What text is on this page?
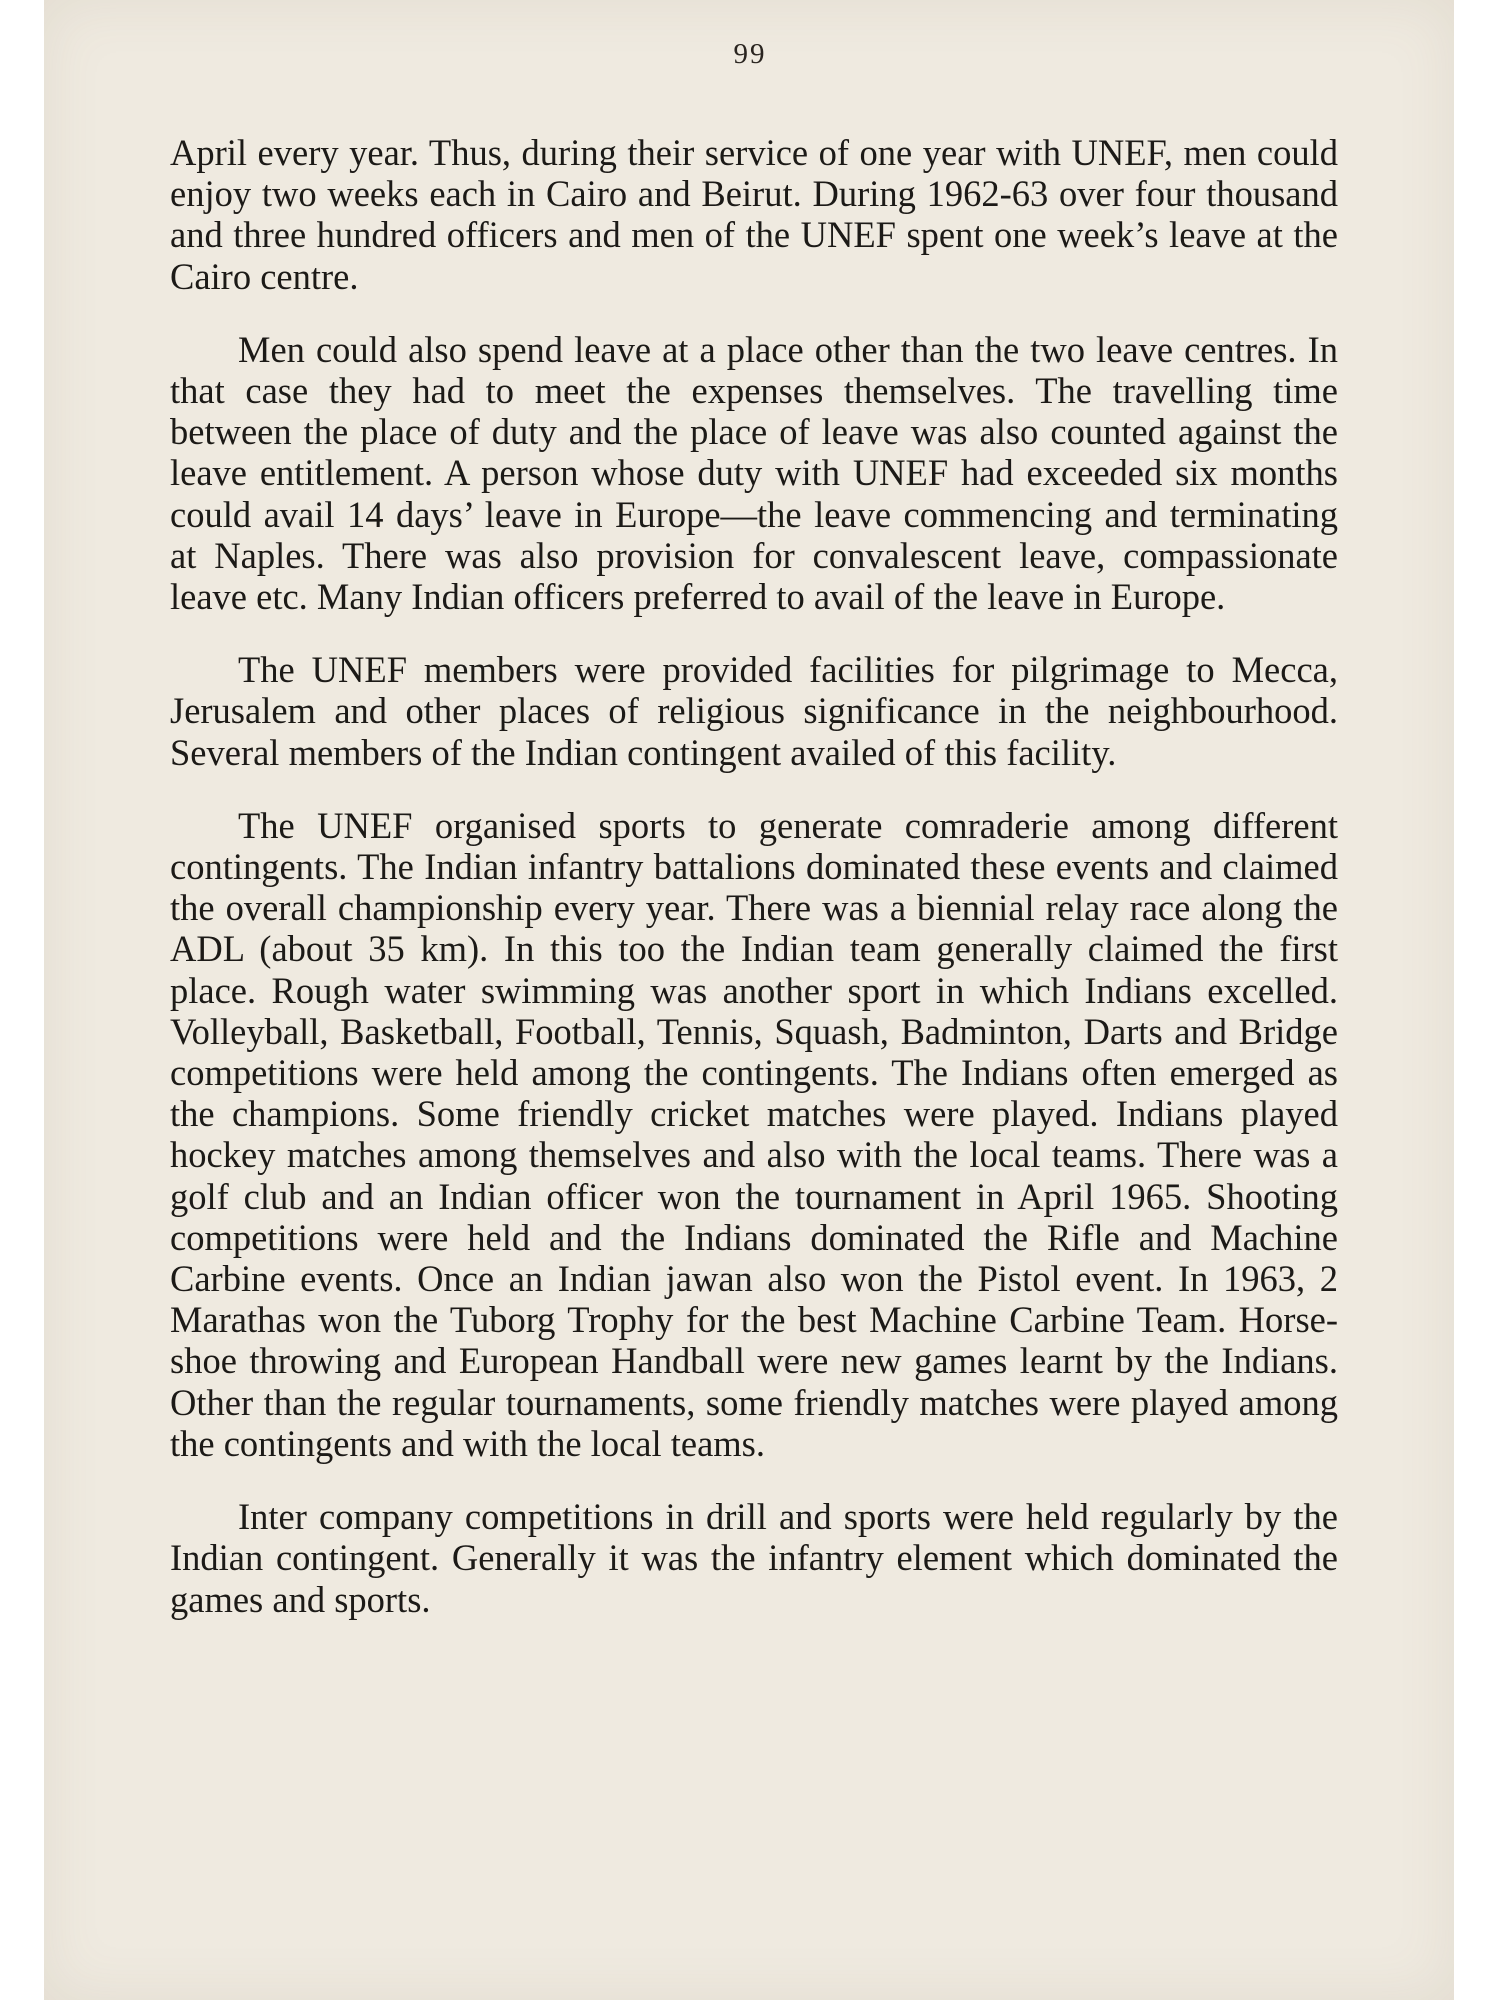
99

April every year. Thus, during their service of one year with UNEF, men could enjoy two weeks each in Cairo and Beirut. During 1962-63 over four thousand and three hundred officers and men of the UNEF spent one week’s leave at the Cairo centre.

Men could also spend leave at a place other than the two leave centres. In that case they had to meet the expenses themselves. The travelling time between the place of duty and the place of leave was also counted against the leave entitlement. A person whose duty with UNEF had exceeded six months could avail 14 days’ leave in Europe—the leave commencing and terminating at Naples. There was also provision for convalescent leave, compassionate leave etc. Many Indian officers preferred to avail of the leave in Europe.

The UNEF members were provided facilities for pilgrimage to Mecca, Jerusalem and other places of religious significance in the neighbourhood. Several members of the Indian contingent availed of this facility.

The UNEF organised sports to generate comraderie among different contingents. The Indian infantry battalions dominated these events and claimed the overall championship every year. There was a biennial relay race along the ADL (about 35 km). In this too the Indian team generally claimed the first place. Rough water swimming was another sport in which Indians excelled. Volleyball, Basketball, Football, Tennis, Squash, Badminton, Darts and Bridge competitions were held among the contingents. The Indians often emerged as the champions. Some friendly cricket matches were played. Indians played hockey matches among themselves and also with the local teams. There was a golf club and an Indian officer won the tournament in April 1965. Shooting competitions were held and the Indians dominated the Rifle and Machine Carbine events. Once an Indian jawan also won the Pistol event. In 1963, 2 Marathas won the Tuborg Trophy for the best Machine Carbine Team. Horse-shoe throwing and European Handball were new games learnt by the Indians. Other than the regular tournaments, some friendly matches were played among the contingents and with the local teams.

Inter company competitions in drill and sports were held regularly by the Indian contingent. Generally it was the infantry element which dominated the games and sports.
